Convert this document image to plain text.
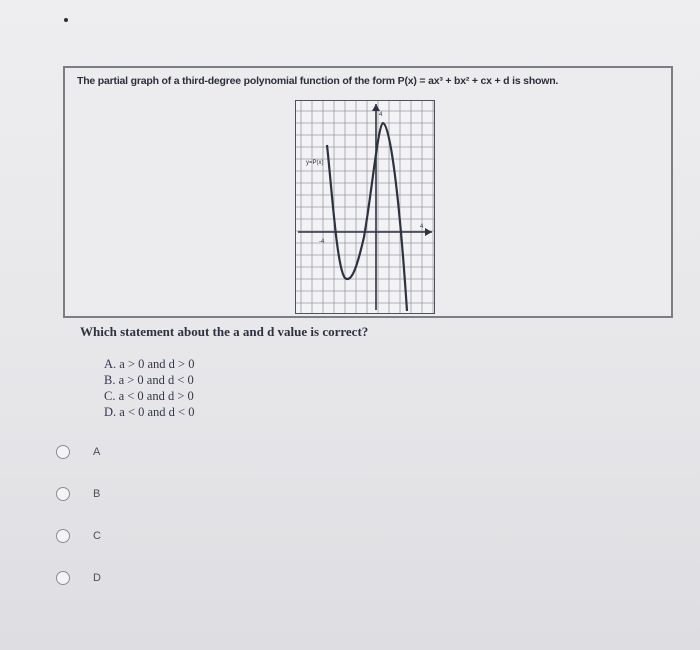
The partial graph of a third-degree polynomial function of the form P(x) = ax³ + bx² + cx + d is shown.
y=P(x)
-4
4
4
Which statement about the a and d value is correct?
A. a > 0 and d > 0
B. a > 0 and d < 0
C. a < 0 and d > 0
D. a < 0 and d < 0
A
B
C
D
